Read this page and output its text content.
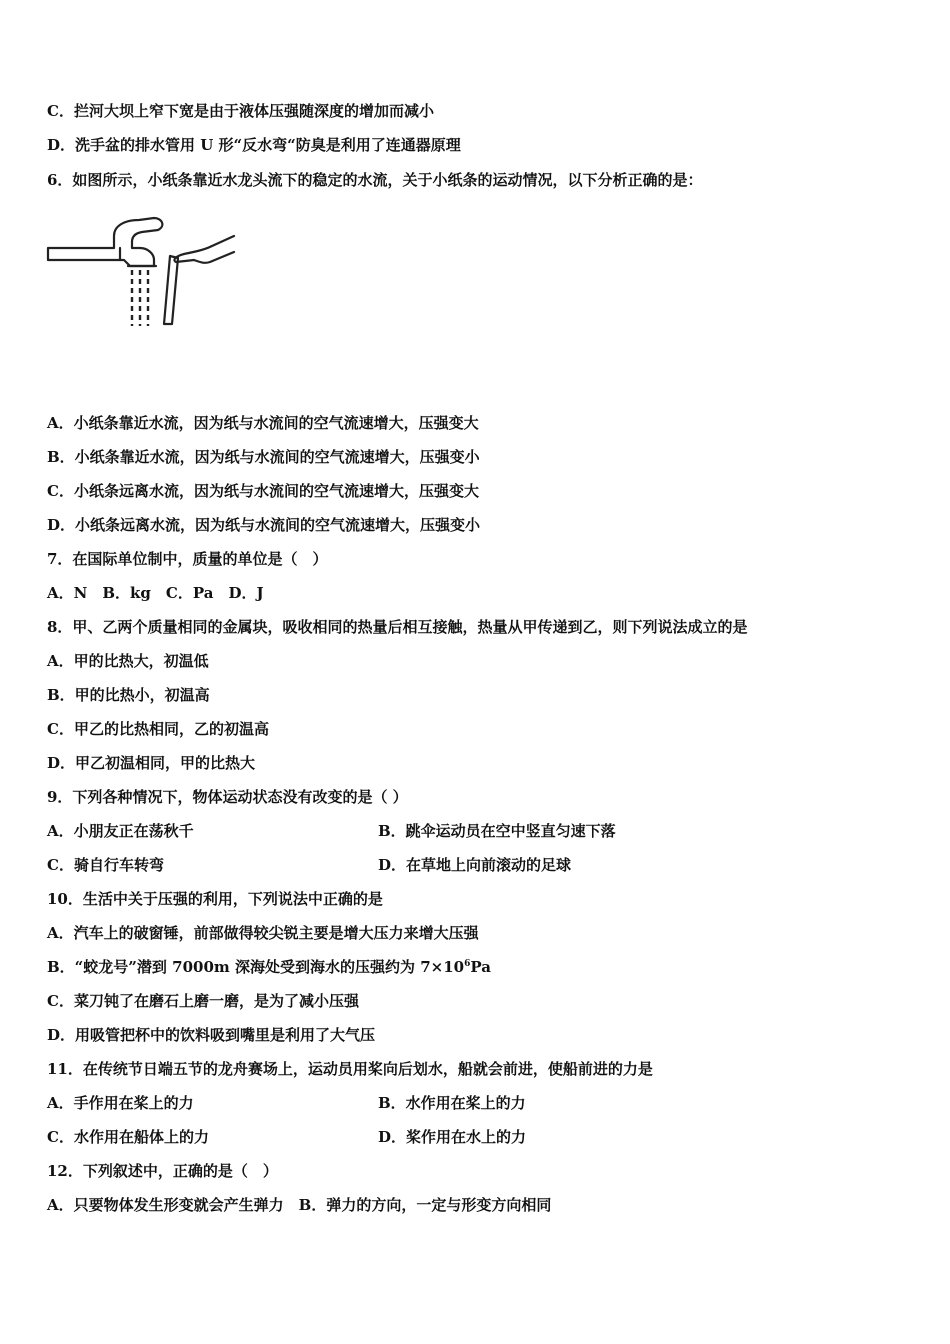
C．拦河大坝上窄下宽是由于液体压强随深度的增加而减小
D．洗手盆的排水管用 U 形“反水弯“防臭是利用了连通器原理
6．如图所示，小纸条靠近水龙头流下的稳定的水流，关于小纸条的运动情况，以下分析正确的是：
A．小纸条靠近水流，因为纸与水流间的空气流速增大，压强变大
B．小纸条靠近水流，因为纸与水流间的空气流速增大，压强变小
C．小纸条远离水流，因为纸与水流间的空气流速增大，压强变大
D．小纸条远离水流，因为纸与水流间的空气流速增大，压强变小
7．在国际单位制中，质量的单位是（　）
A．N　B．kg　C．Pa　D．J
8．甲、乙两个质量相同的金属块，吸收相同的热量后相互接触，热量从甲传递到乙，则下列说法成立的是
A．甲的比热大，初温低
B．甲的比热小，初温高
C．甲乙的比热相同，乙的初温高
D．甲乙初温相同，甲的比热大
9．下列各种情况下，物体运动状态没有改变的是（ ）
A．小朋友正在荡秋千	B．跳伞运动员在空中竖直匀速下落
C．骑自行车转弯	D．在草地上向前滚动的足球
10．生活中关于压强的利用，下列说法中正确的是
A．汽车上的破窗锤，前部做得较尖锐主要是增大压力来增大压强
B．“蛟龙号”潜到 7000m 深海处受到海水的压强约为 $7\times 10^6Pa$
C．菜刀钝了在磨石上磨一磨，是为了减小压强
D．用吸管把杯中的饮料吸到嘴里是利用了大气压
11．在传统节日端五节的龙舟赛场上，运动员用桨向后划水，船就会前进，使船前进的力是
A．手作用在桨上的力	B．水作用在桨上的力
C．水作用在船体上的力	D．桨作用在水上的力
12．下列叙述中，正确的是（　）
A．只要物体发生形变就会产生弹力　B．弹力的方向，一定与形变方向相同
